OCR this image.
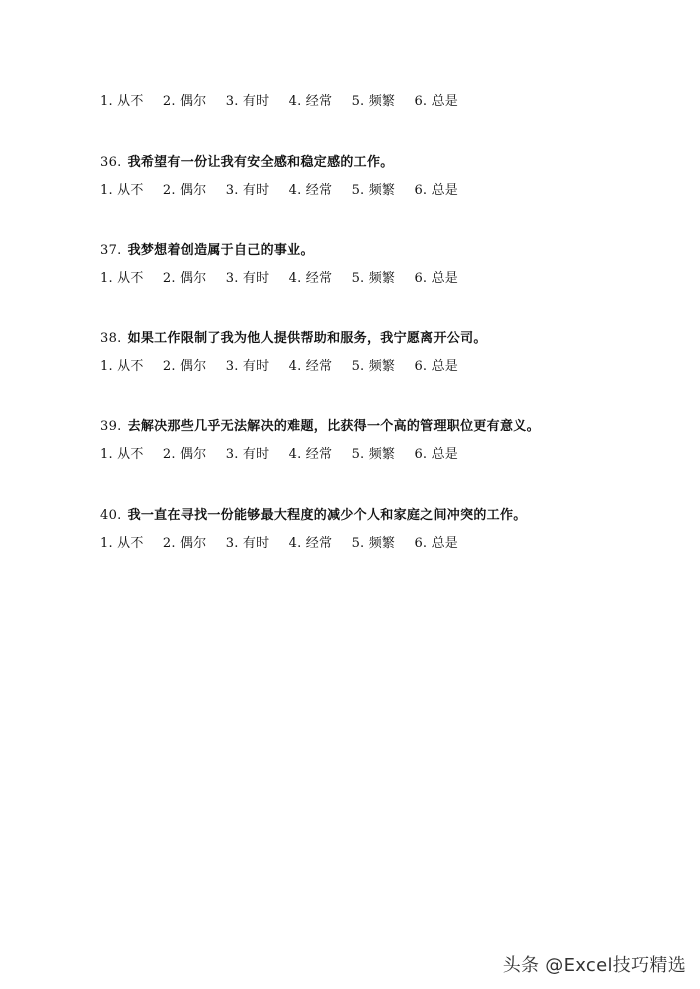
1. 从不 2. 偶尔 3. 有时 4. 经常 5. 频繁 6. 总是
36. 我希望有一份让我有安全感和稳定感的工作。
1. 从不 2. 偶尔 3. 有时 4. 经常 5. 频繁 6. 总是
37. 我梦想着创造属于自己的事业。
1. 从不 2. 偶尔 3. 有时 4. 经常 5. 频繁 6. 总是
38. 如果工作限制了我为他人提供帮助和服务，我宁愿离开公司。
1. 从不 2. 偶尔 3. 有时 4. 经常 5. 频繁 6. 总是
39. 去解决那些几乎无法解决的难题，比获得一个高的管理职位更有意义。
1. 从不 2. 偶尔 3. 有时 4. 经常 5. 频繁 6. 总是
40. 我一直在寻找一份能够最大程度的减少个人和家庭之间冲突的工作。
1. 从不 2. 偶尔 3. 有时 4. 经常 5. 频繁 6. 总是
头条 @Excel技巧精选
